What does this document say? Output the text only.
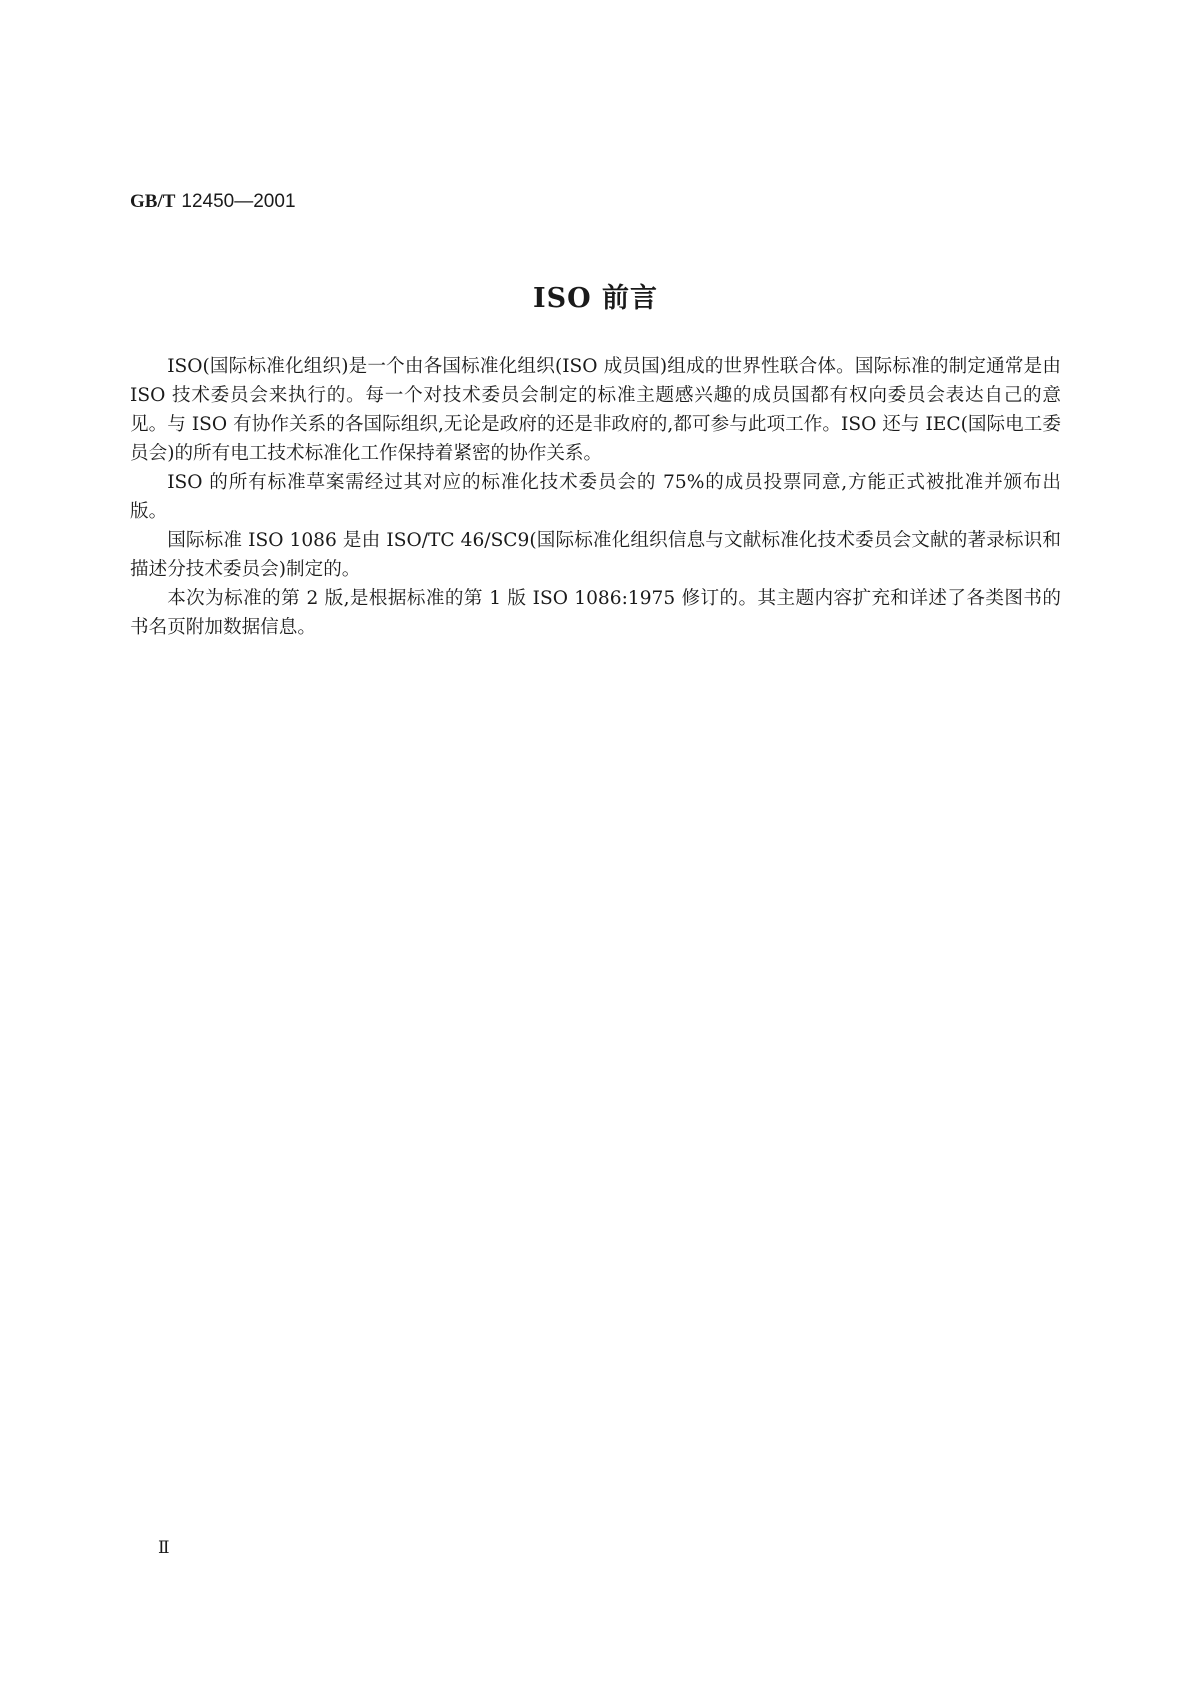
GB/T 12450—2001
ISO 前言

ISO(国际标准化组织)是一个由各国标准化组织(ISO 成员国)组成的世界性联合体。国际标准的制定通常是由 ISO 技术委员会来执行的。每一个对技术委员会制定的标准主题感兴趣的成员国都有权向委员会表达自己的意见。与 ISO 有协作关系的各国际组织,无论是政府的还是非政府的,都可参与此项工作。ISO 还与 IEC(国际电工委员会)的所有电工技术标准化工作保持着紧密的协作关系。

ISO 的所有标准草案需经过其对应的标准化技术委员会的 75%的成员投票同意,方能正式被批准并颁布出版。

国际标准 ISO 1086 是由 ISO/TC 46/SC9(国际标准化组织信息与文献标准化技术委员会文献的著录标识和描述分技术委员会)制定的。

本次为标准的第 2 版,是根据标准的第 1 版 ISO 1086:1975 修订的。其主题内容扩充和详述了各类图书的书名页附加数据信息。

Ⅱ
